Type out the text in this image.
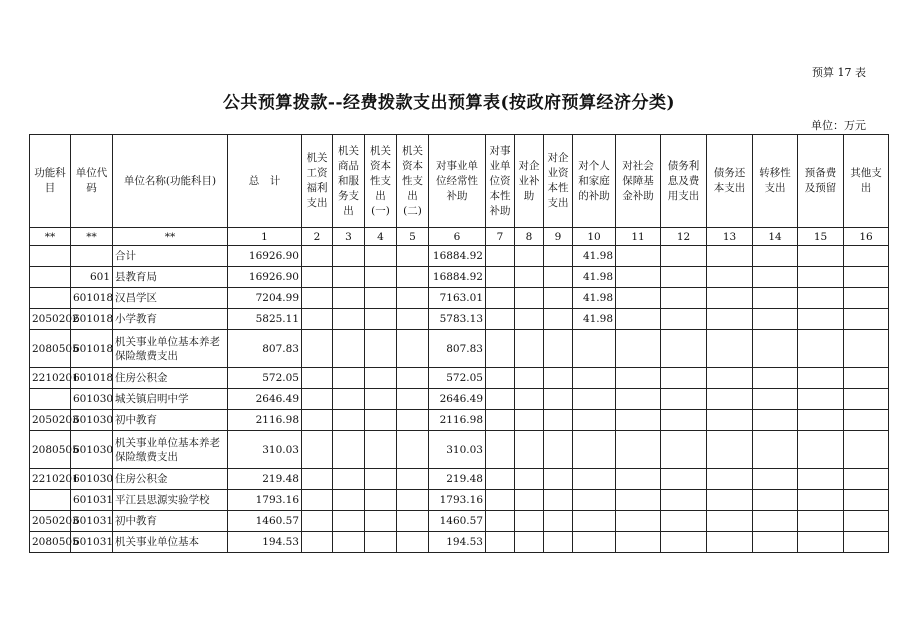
预算 17 表
公共预算拨款--经费拨款支出预算表(按政府预算经济分类)
单位：万元
功能科目	单位代码	单位名称(功能科目)	总　计	机关工资福利支出	机关商品和服务支出	机关资本性支出(一)	机关资本性支出(二)	对事业单位经常性补助	对事业单位资本性补助	对企业补助	对企业资本性支出	对个人和家庭的补助	对社会保障基金补助	债务利息及费用支出	债务还本支出	转移性支出	预备费及预留	其他支出
**	**	**	1	2	3	4	5	6	7	8	9	10	11	12	13	14	15	16
		合计	16926.90					16884.92				41.98						
	601	县教育局	16926.90					16884.92				41.98						
	601018	汉昌学区	7204.99					7163.01				41.98						
2050202	601018	小学教育	5825.11					5783.13				41.98						
2080505	601018	机关事业单位基本养老保险缴费支出	807.83					807.83										
2210201	601018	住房公积金	572.05					572.05										
	601030	城关镇启明中学	2646.49					2646.49										
2050203	601030	初中教育	2116.98					2116.98										
2080505	601030	机关事业单位基本养老保险缴费支出	310.03					310.03										
2210201	601030	住房公积金	219.48					219.48										
	601031	平江县思源实验学校	1793.16					1793.16										
2050203	601031	初中教育	1460.57					1460.57										
2080505	601031	机关事业单位基本	194.53					194.53										
